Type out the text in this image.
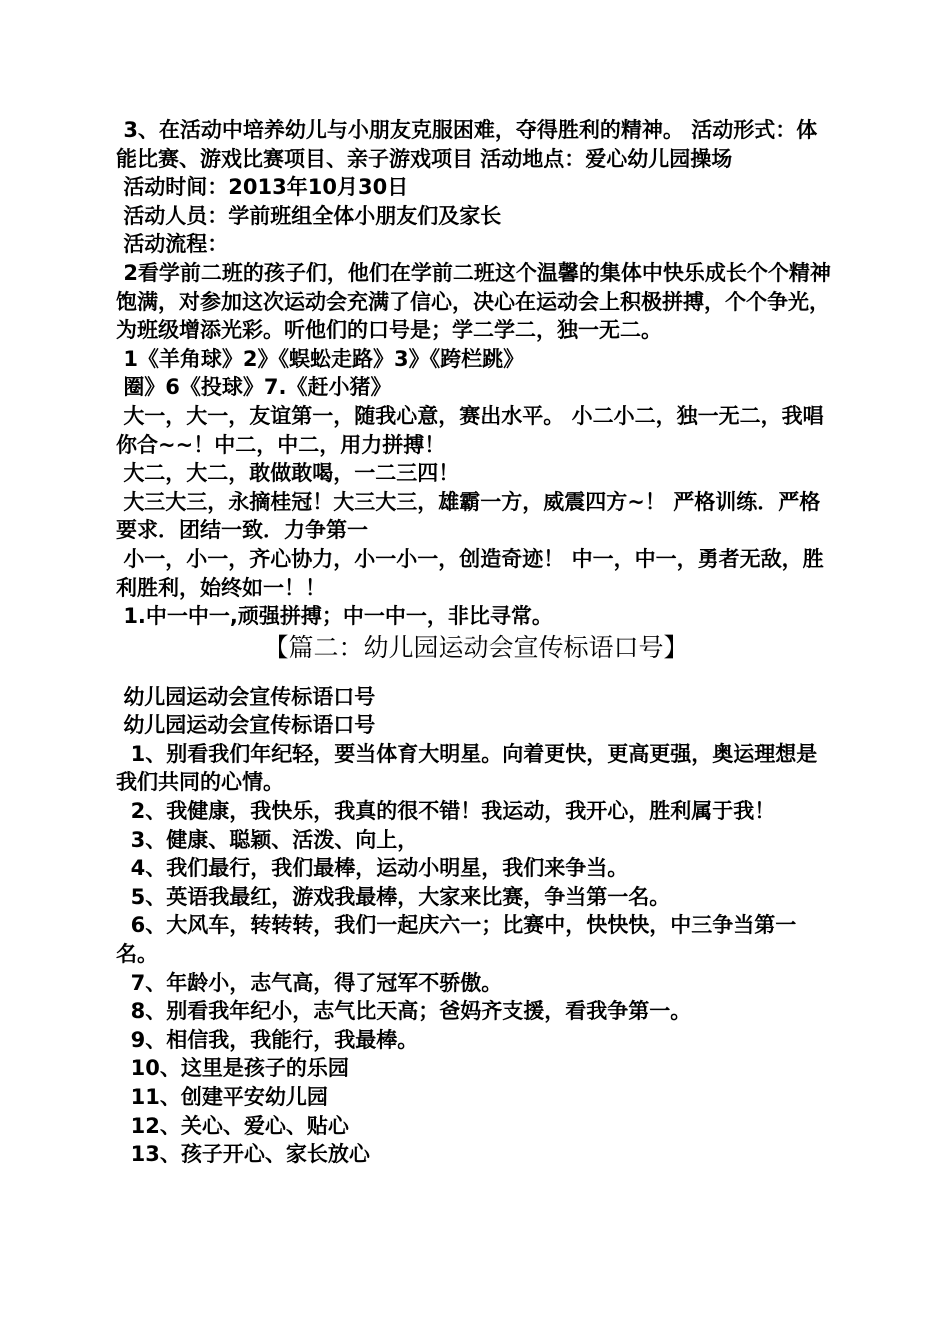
3、在活动中培养幼儿与小朋友克服困难，夺得胜利的精神。 活动形式：体能比赛、游戏比赛项目、亲子游戏项目 活动地点：爱心幼儿园操场

活动时间：2013年10月30日

活动人员：学前班组全体小朋友们及家长

活动流程：

2看学前二班的孩子们，他们在学前二班这个温馨的集体中快乐成长个个精神饱满，对参加这次运动会充满了信心，决心在运动会上积极拼搏，个个争光，为班级增添光彩。听他们的口号是；学二学二，独一无二。

1《羊角球》2》《蜈蚣走路》3》《跨栏跳》

圈》6《投球》7.《赶小猪》

大一，大一，友谊第一，随我心意，赛出水平。 小二小二，独一无二，我唱你合~~！中二，中二，用力拼搏！

大二，大二，敢做敢喝，一二三四！

大三大三，永摘桂冠！大三大三，雄霸一方，威震四方~！ 严格训练．严格要求．团结一致．力争第一

小一，小一，齐心协力，小一小一，创造奇迹！ 中一，中一，勇者无敌，胜利胜利，始终如一！！

1.中一中一,顽强拼搏；中一中一，非比寻常。

【篇二：幼儿园运动会宣传标语口号】

幼儿园运动会宣传标语口号

幼儿园运动会宣传标语口号

1、别看我们年纪轻，要当体育大明星。向着更快，更高更强，奥运理想是我们共同的心情。

2、我健康，我快乐，我真的很不错！我运动，我开心，胜利属于我！

3、健康、聪颖、活泼、向上，

4、我们最行，我们最棒，运动小明星，我们来争当。

5、英语我最红，游戏我最棒，大家来比赛，争当第一名。

6、大风车，转转转，我们一起庆六一；比赛中，快快快，中三争当第一名。

7、年龄小，志气高，得了冠军不骄傲。

8、别看我年纪小，志气比天高；爸妈齐支援，看我争第一。

9、相信我，我能行，我最棒。

10、这里是孩子的乐园

11、创建平安幼儿园

12、关心、爱心、贴心

13、孩子开心、家长放心
